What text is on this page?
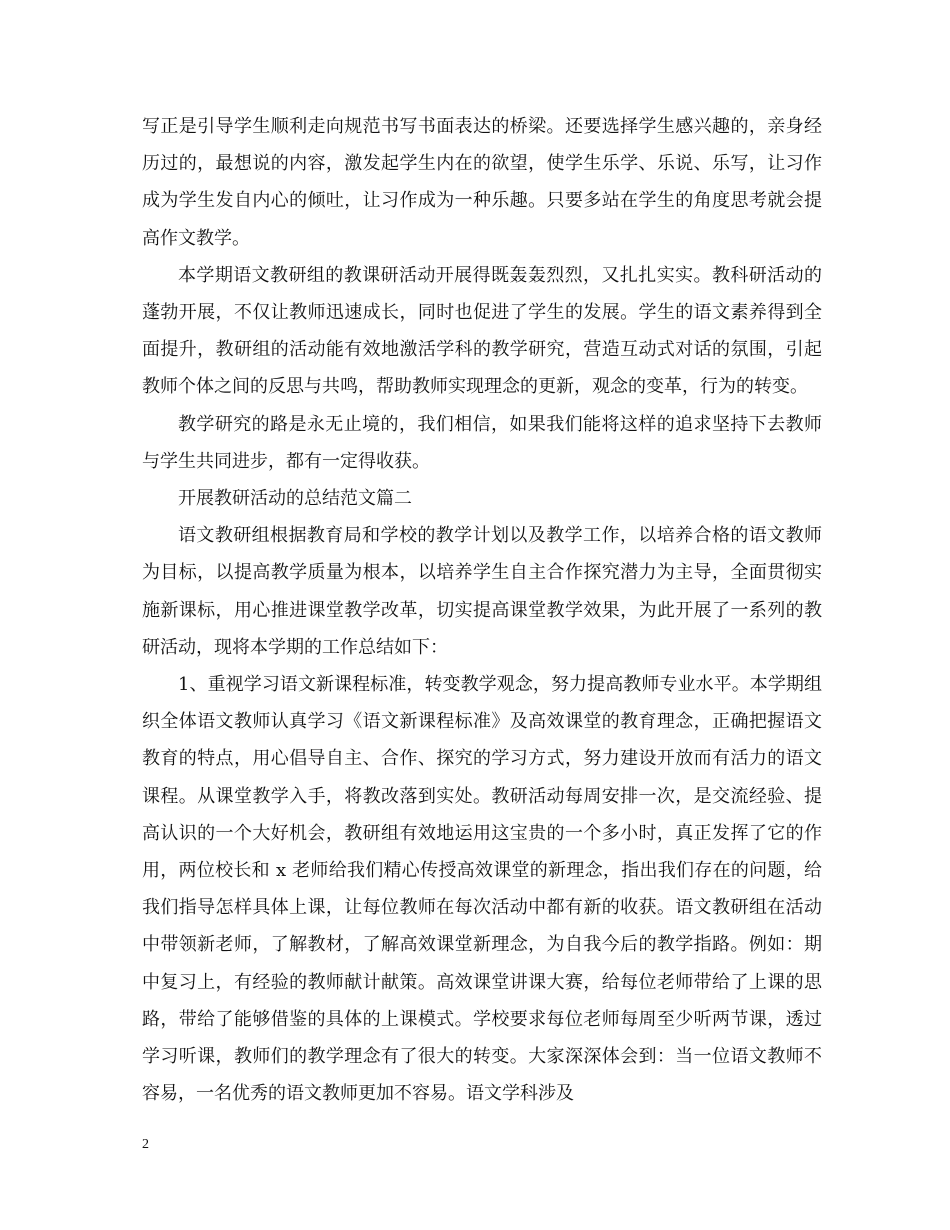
写正是引导学生顺利走向规范书写书面表达的桥梁。还要选择学生感兴趣的，亲身经历过的，最想说的内容，激发起学生内在的欲望，使学生乐学、乐说、乐写，让习作成为学生发自内心的倾吐，让习作成为一种乐趣。只要多站在学生的角度思考就会提高作文教学。

本学期语文教研组的教课研活动开展得既轰轰烈烈，又扎扎实实。教科研活动的蓬勃开展，不仅让教师迅速成长，同时也促进了学生的发展。学生的语文素养得到全面提升，教研组的活动能有效地激活学科的教学研究，营造互动式对话的氛围，引起教师个体之间的反思与共鸣，帮助教师实现理念的更新，观念的变革，行为的转变。

教学研究的路是永无止境的，我们相信，如果我们能将这样的追求坚持下去教师与学生共同进步，都有一定得收获。

开展教研活动的总结范文篇二

语文教研组根据教育局和学校的教学计划以及教学工作，以培养合格的语文教师为目标，以提高教学质量为根本，以培养学生自主合作探究潜力为主导，全面贯彻实施新课标，用心推进课堂教学改革，切实提高课堂教学效果，为此开展了一系列的教研活动，现将本学期的工作总结如下：

1、重视学习语文新课程标准，转变教学观念，努力提高教师专业水平。本学期组织全体语文教师认真学习《语文新课程标准》及高效课堂的教育理念，正确把握语文教育的特点，用心倡导自主、合作、探究的学习方式，努力建设开放而有活力的语文课程。从课堂教学入手，将教改落到实处。教研活动每周安排一次，是交流经验、提高认识的一个大好机会，教研组有效地运用这宝贵的一个多小时，真正发挥了它的作用，两位校长和 x 老师给我们精心传授高效课堂的新理念，指出我们存在的问题，给我们指导怎样具体上课，让每位教师在每次活动中都有新的收获。语文教研组在活动中带领新老师，了解教材，了解高效课堂新理念，为自我今后的教学指路。例如：期中复习上，有经验的教师献计献策。高效课堂讲课大赛，给每位老师带给了上课的思路，带给了能够借鉴的具体的上课模式。学校要求每位老师每周至少听两节课，透过学习听课，教师们的教学理念有了很大的转变。大家深深体会到：当一位语文教师不容易，一名优秀的语文教师更加不容易。语文学科涉及

2
